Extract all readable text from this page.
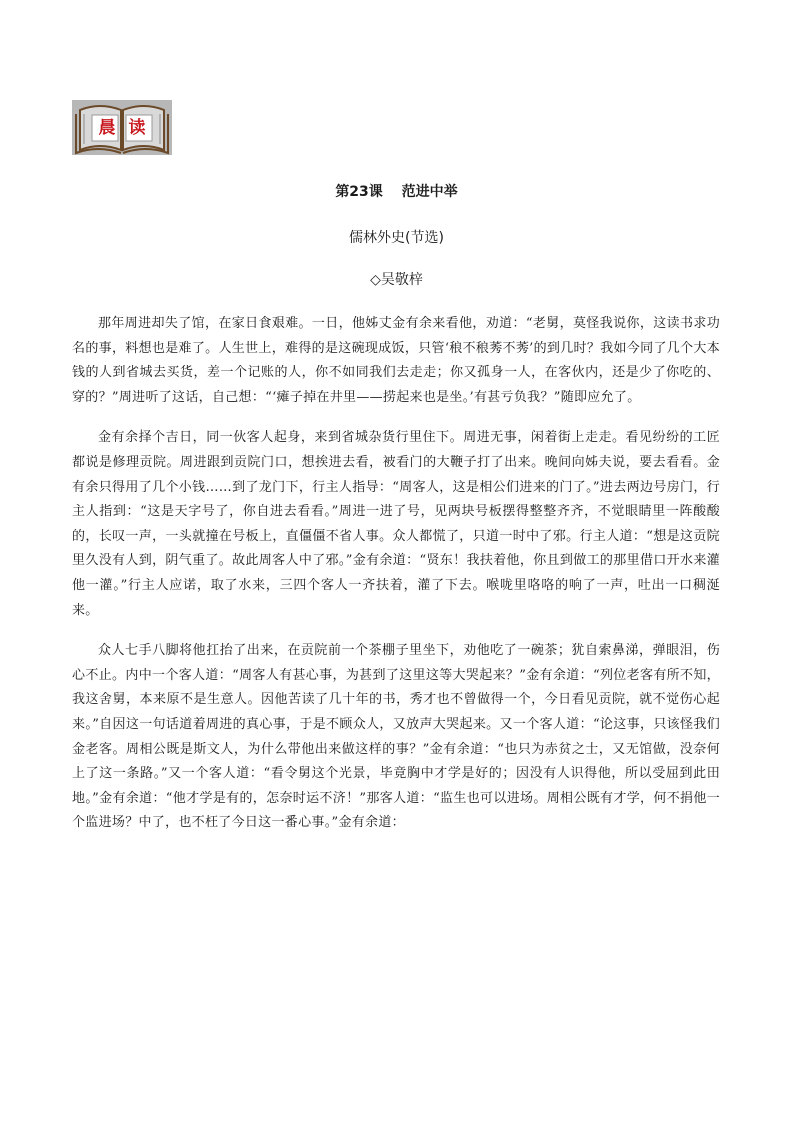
晨 读
第23课　 范进中举
儒林外史(节选)
◇吴敬梓

那年周进却失了馆，在家日食艰难。一日，他姊丈金有余来看他，劝道：“老舅，莫怪我说你，这读书求功名的事，料想也是难了。人生世上，难得的是这碗现成饭，只管‘稂不稂莠不莠’的到几时？我如今同了几个大本钱的人到省城去买货，差一个记账的人，你不如同我们去走走；你又孤身一人，在客伙内，还是少了你吃的、穿的？”周进听了这话，自己想：“‘瘫子掉在井里——捞起来也是坐。’有甚亏负我？”随即应允了。

金有余择个吉日，同一伙客人起身，来到省城杂货行里住下。周进无事，闲着街上走走。看见纷纷的工匠都说是修理贡院。周进跟到贡院门口，想挨进去看，被看门的大鞭子打了出来。晚间向姊夫说，要去看看。金有余只得用了几个小钱……到了龙门下，行主人指导：“周客人，这是相公们进来的门了。”进去两边号房门，行主人指到：“这是天字号了，你自进去看看。”周进一进了号，见两块号板摆得整整齐齐，不觉眼睛里一阵酸酸的，长叹一声，一头就撞在号板上，直僵僵不省人事。众人都慌了，只道一时中了邪。行主人道：“想是这贡院里久没有人到，阴气重了。故此周客人中了邪。”金有余道：“贤东！我扶着他，你且到做工的那里借口开水来灌他一灌。”行主人应诺，取了水来，三四个客人一齐扶着，灌了下去。喉咙里咯咯的响了一声，吐出一口稠涎来。

众人七手八脚将他扛抬了出来，在贡院前一个茶棚子里坐下，劝他吃了一碗茶；犹自索鼻涕，弹眼泪，伤心不止。内中一个客人道：“周客人有甚心事，为甚到了这里这等大哭起来？”金有余道：“列位老客有所不知，我这舍舅，本来原不是生意人。因他苦读了几十年的书，秀才也不曾做得一个，今日看见贡院，就不觉伤心起来。”自因这一句话道着周进的真心事，于是不顾众人，又放声大哭起来。又一个客人道：“论这事，只该怪我们金老客。周相公既是斯文人，为什么带他出来做这样的事？”金有余道：“也只为赤贫之士，又无馆做，没奈何上了这一条路。”又一个客人道：“看令舅这个光景，毕竟胸中才学是好的；因没有人识得他，所以受屈到此田地。”金有余道：“他才学是有的，怎奈时运不济！”那客人道：“监生也可以进场。周相公既有才学，何不捐他一个监进场？中了，也不枉了今日这一番心事。”金有余道：
